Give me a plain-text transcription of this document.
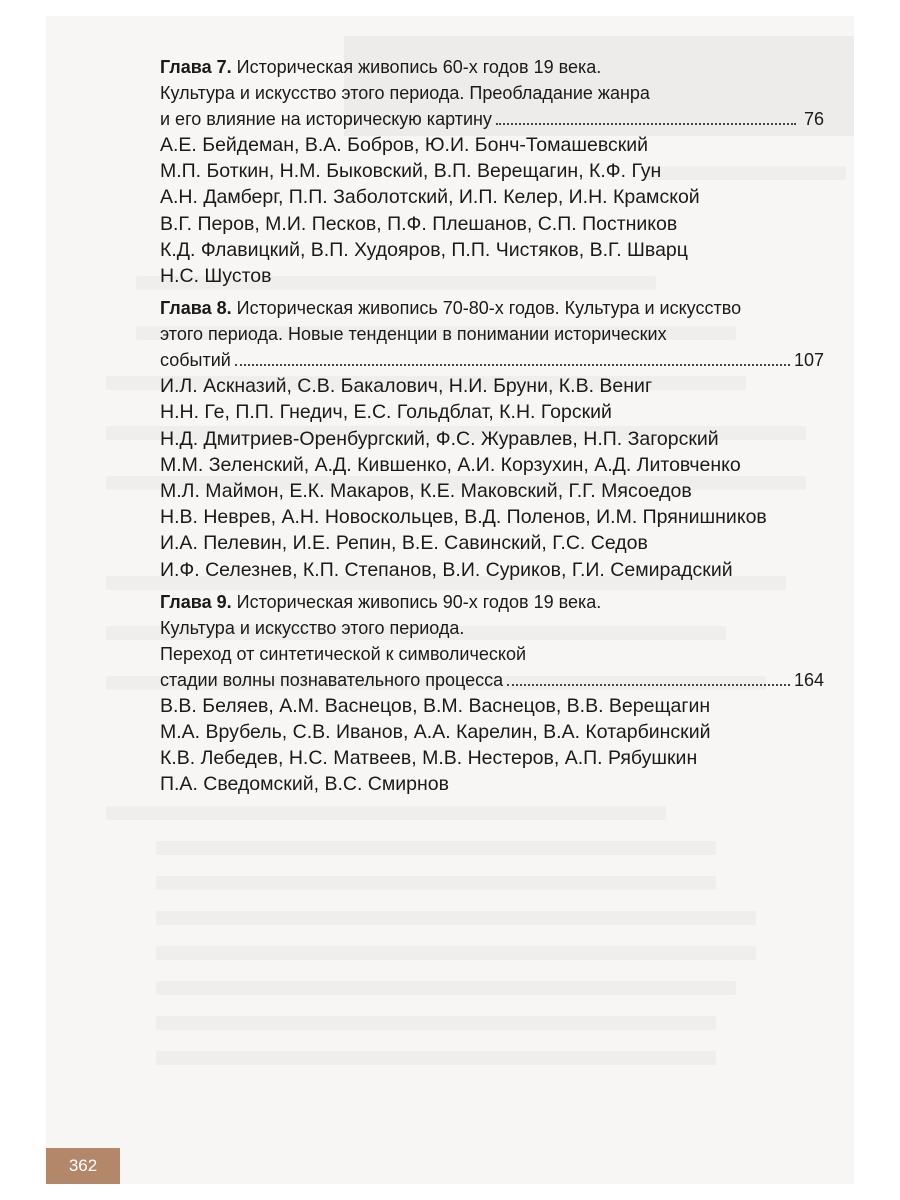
Глава 7. Историческая живопись 60-х годов 19 века.
Культура и искусство этого периода. Преобладание жанра
и его влияние на историческую картину	76
А.Е. Бейдеман, В.А. Бобров, Ю.И. Бонч-Томашевский
М.П. Боткин, Н.М. Быковский, В.П. Верещагин, К.Ф. Гун
А.Н. Дамберг, П.П. Заболотский, И.П. Келер, И.Н. Крамской
В.Г. Перов, М.И. Песков, П.Ф. Плешанов, С.П. Постников
К.Д. Флавицкий, В.П. Худояров, П.П. Чистяков, В.Г. Шварц
Н.С. Шустов
Глава 8. Историческая живопись 70-80-х годов. Культура и искусство
этого периода. Новые тенденции в понимании исторических
событий	107
И.Л. Аскназий, С.В. Бакалович, Н.И. Бруни, К.В. Вениг
Н.Н. Ге, П.П. Гнедич, Е.С. Гольдблат, К.Н. Горский
Н.Д. Дмитриев-Оренбургский, Ф.С. Журавлев, Н.П. Загорский
М.М. Зеленский, А.Д. Кившенко, А.И. Корзухин, А.Д. Литовченко
М.Л. Маймон, Е.К. Макаров, К.Е. Маковский, Г.Г. Мясоедов
Н.В. Неврев, А.Н. Новоскольцев, В.Д. Поленов, И.М. Прянишников
И.А. Пелевин, И.Е. Репин, В.Е. Савинский, Г.С. Седов
И.Ф. Селезнев, К.П. Степанов, В.И. Суриков, Г.И. Семирадский
Глава 9. Историческая живопись 90-х годов 19 века.
Культура и искусство этого периода.
Переход от синтетической к символической
стадии волны познавательного процесса	164
В.В. Беляев, А.М. Васнецов, В.М. Васнецов, В.В. Верещагин
М.А. Врубель, С.В. Иванов, А.А. Карелин, В.А. Котарбинский
К.В. Лебедев, Н.С. Матвеев, М.В. Нестеров, А.П. Рябушкин
П.А. Сведомский, В.С. Смирнов
362
